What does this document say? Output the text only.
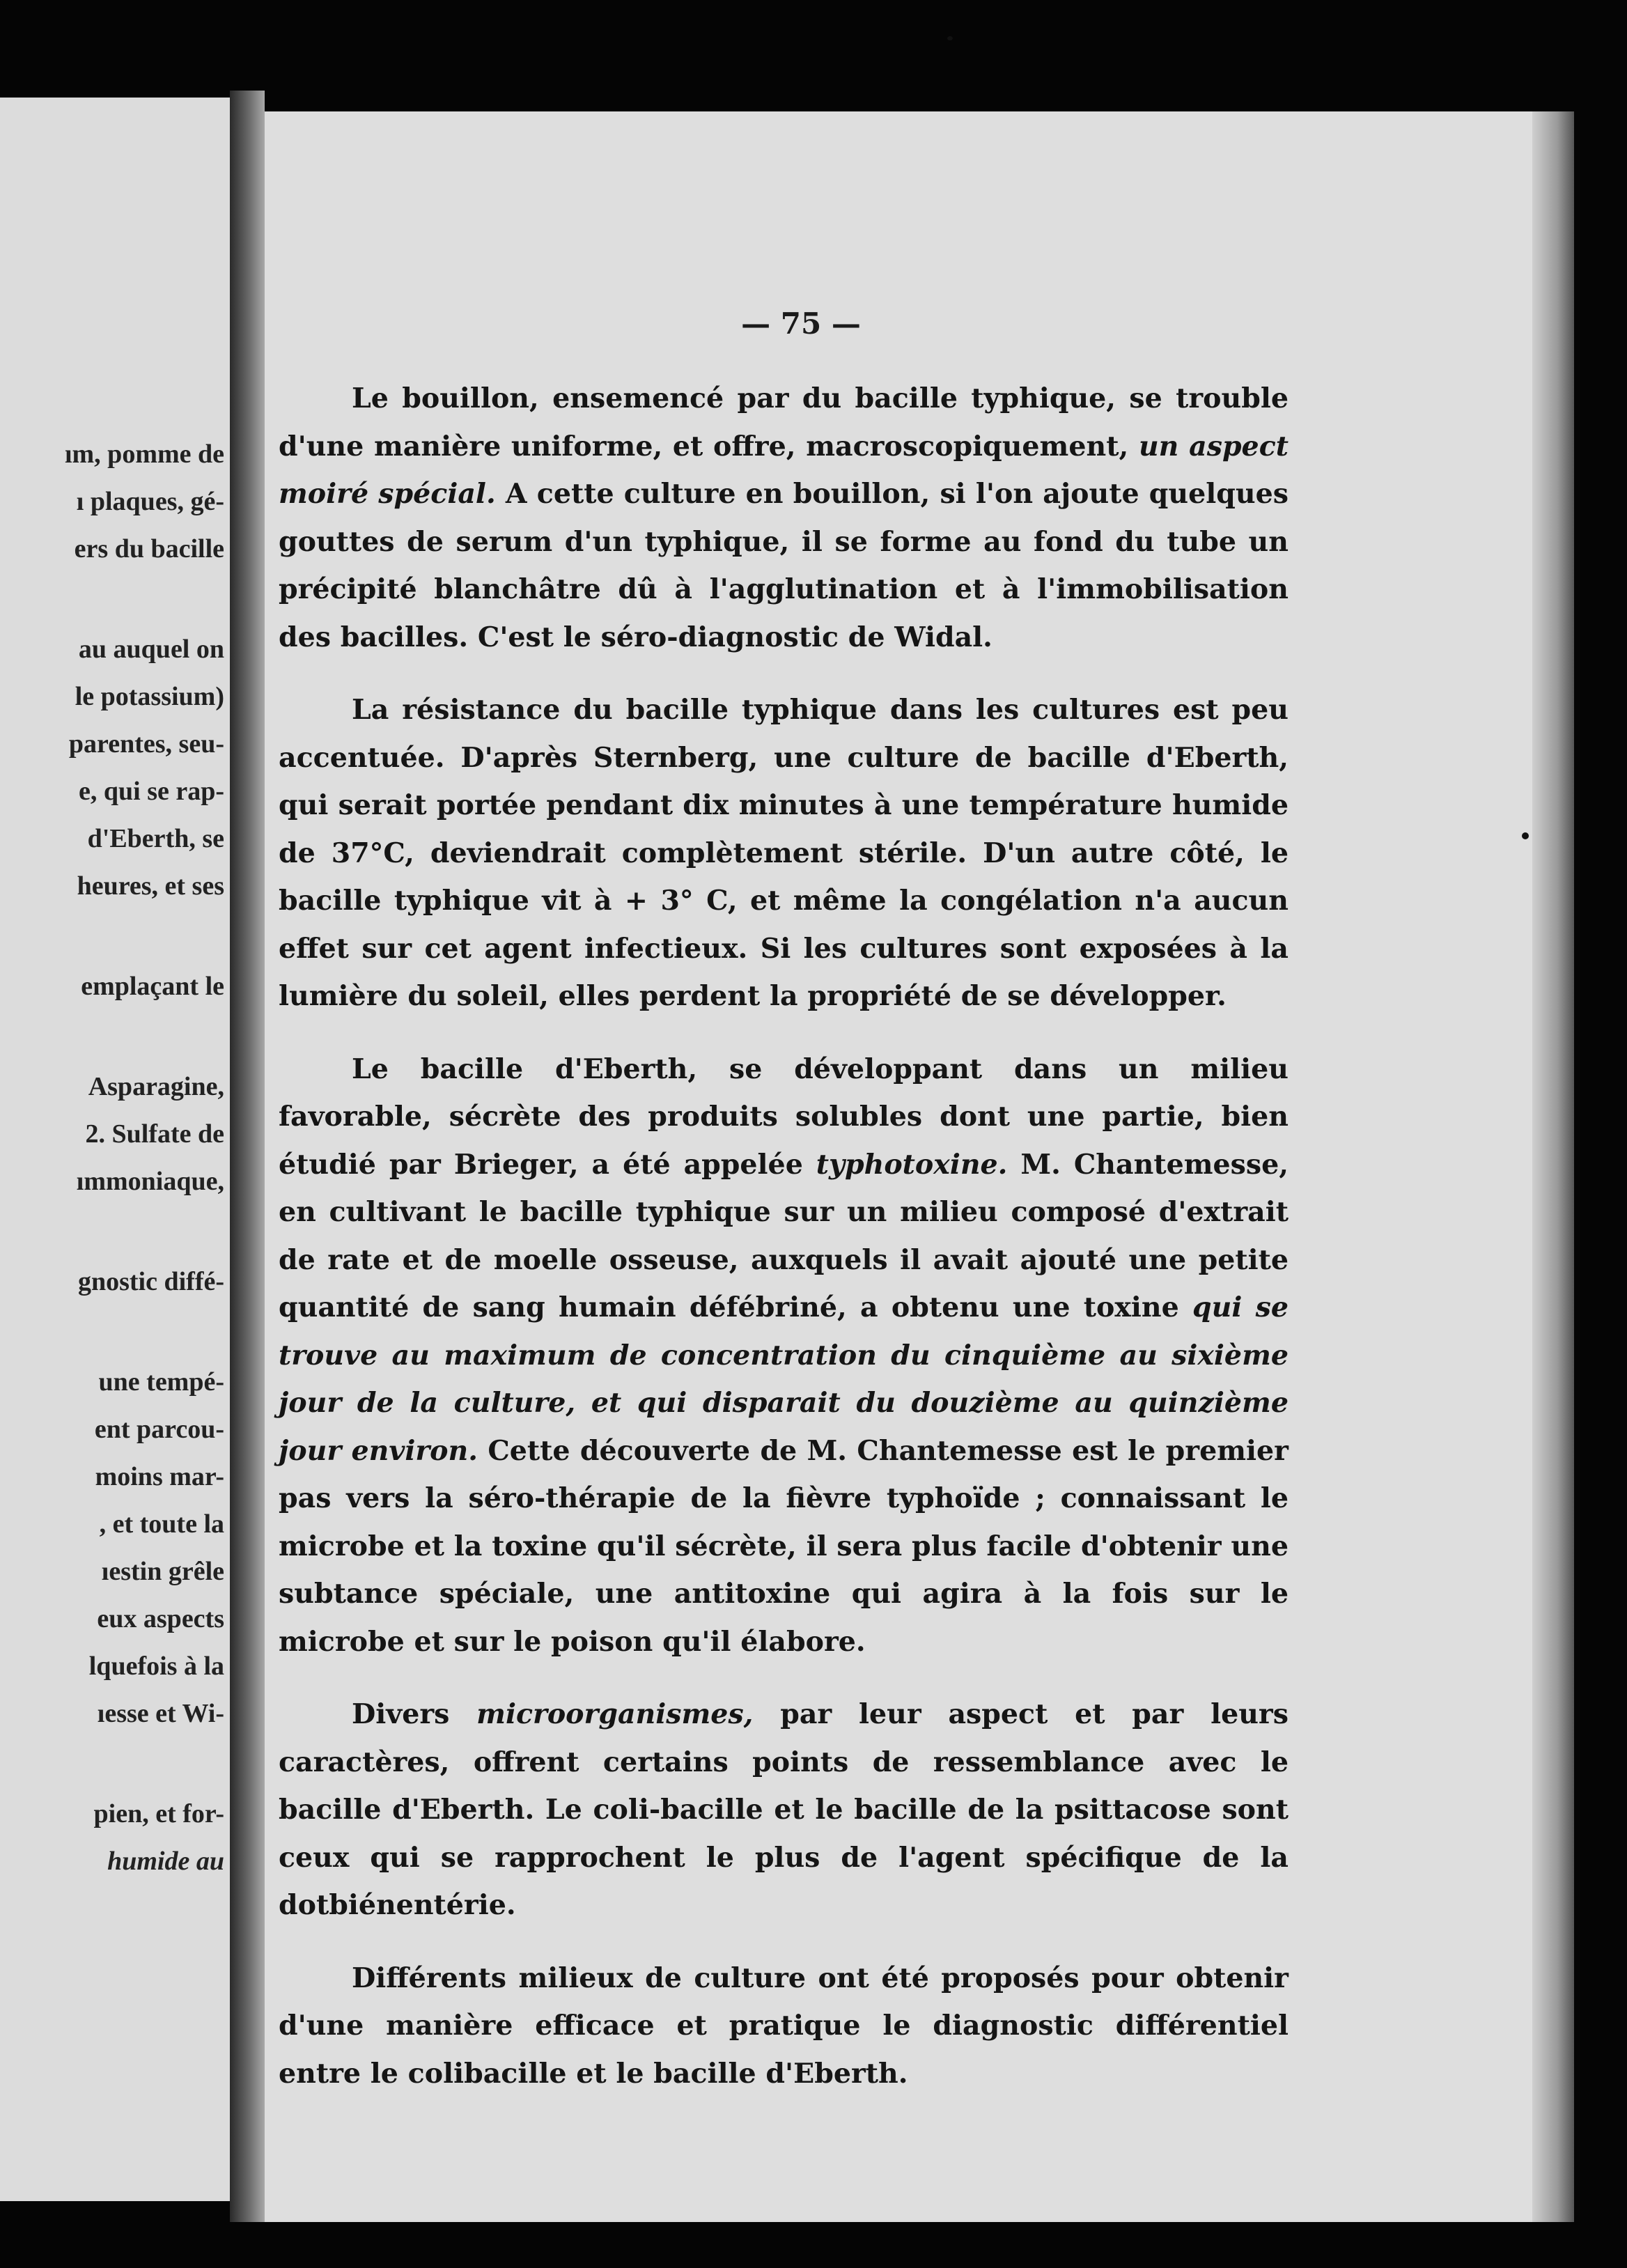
ım, pomme de
ı plaques, gé-
ers du bacille
au auquel on
le potassium)
parentes, seu-
e, qui se rap-
d'Eberth, se
heures, et ses
emplaçant le
Asparagine,
2. Sulfate de
ımmoniaque,
gnostic diffé-
une tempé-
ent parcou-
moins mar-
, et toute la
ıestin grêle
eux aspects
lquefois à la
ıesse et Wi-
pien, et for-
humide au
— 75 —

Le bouillon, ensemencé par du bacille typhique, se trouble d'une manière uniforme, et offre, macroscopiquement, un aspect moiré spécial. A cette culture en bouillon, si l'on ajoute quelques gouttes de serum d'un typhique, il se forme au fond du tube un précipité blanchâtre dû à l'agglutination et à l'immobilisation des bacilles. C'est le séro-diagnostic de Widal.

La résistance du bacille typhique dans les cultures est peu accentuée. D'après Sternberg, une culture de bacille d'Eberth, qui serait portée pendant dix minutes à une température humide de 37°C, deviendrait complètement stérile. D'un autre côté, le bacille typhique vit à + 3° C, et même la congélation n'a aucun effet sur cet agent infectieux. Si les cultures sont exposées à la lumière du soleil, elles perdent la propriété de se développer.

Le bacille d'Eberth, se développant dans un milieu favorable, sécrète des produits solubles dont une partie, bien étudié par Brieger, a été appelée typhotoxine. M. Chantemesse, en cultivant le bacille typhique sur un milieu composé d'extrait de rate et de moelle osseuse, auxquels il avait ajouté une petite quantité de sang humain défébriné, a obtenu une toxine qui se trouve au maximum de concentration du cinquième au sixième jour de la culture, et qui disparait du douzième au quinzième jour environ. Cette découverte de M. Chantemesse est le premier pas vers la séro-thérapie de la fièvre typhoïde ; connaissant le microbe et la toxine qu'il sécrète, il sera plus facile d'obtenir une subtance spéciale, une antitoxine qui agira à la fois sur le microbe et sur le poison qu'il élabore.

Divers microorganismes, par leur aspect et par leurs caractères, offrent certains points de ressemblance avec le bacille d'Eberth. Le coli-bacille et le bacille de la psittacose sont ceux qui se rapprochent le plus de l'agent spécifique de la dotbiénentérie.

Différents milieux de culture ont été proposés pour obtenir d'une manière efficace et pratique le diagnostic différentiel entre le colibacille et le bacille d'Eberth.
